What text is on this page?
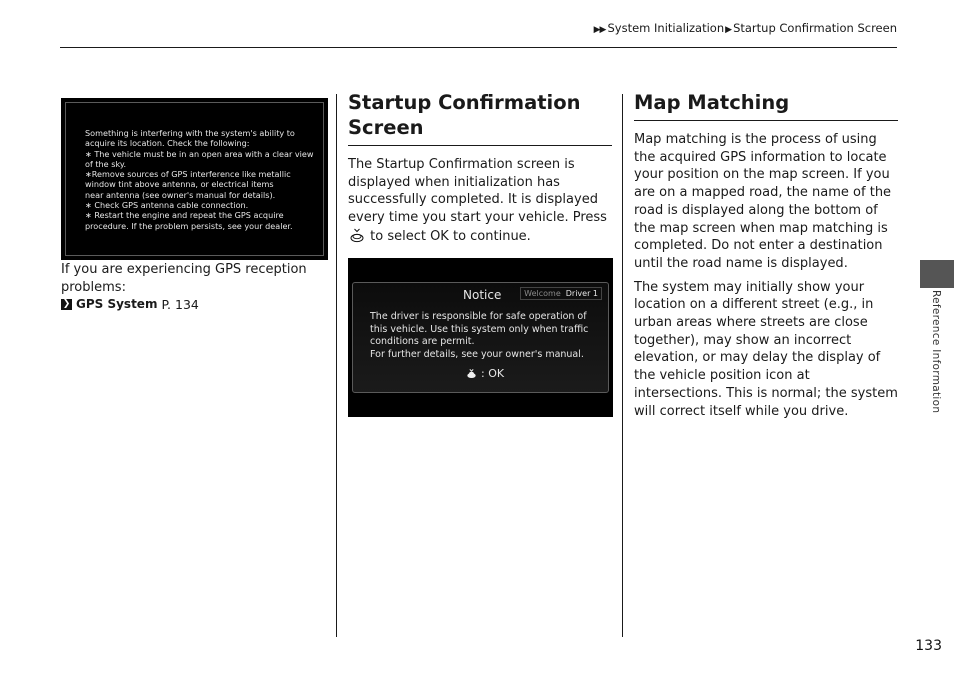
▶▶ System Initialization▶Startup Confirmation Screen
Something is interfering with the system's ability to
acquire its location. Check the following:
∗ The vehicle must be in an open area with a clear view
of the sky.
∗Remove sources of GPS interference like metallic
window tint above antenna, or electrical items
near antenna (see owner's manual for details).
∗ Check GPS antenna cable connection.
∗ Restart the engine and repeat the GPS acquire
procedure. If the problem persists, see your dealer.
If you are experiencing GPS reception problems:
❯ GPS System P. 134
Startup Confirmation Screen

The Startup Confirmation screen is displayed when initialization has successfully completed. It is displayed every time you start your vehicle. Press  to select OK to continue.

Notice	Welcome Driver 1
The driver is responsible for safe operation of
this vehicle. Use this system only when traffic
conditions are permit.
For further details, see your owner's manual.
: OK
Map Matching

Map matching is the process of using the acquired GPS information to locate your position on the map screen. If you are on a mapped road, the name of the road is displayed along the bottom of the map screen when map matching is completed. Do not enter a destination until the road name is displayed.

The system may initially show your location on a different street (e.g., in urban areas where streets are close together), may show an incorrect elevation, or may delay the display of the vehicle position icon at intersections. This is normal; the system will correct itself while you drive.	Reference Information
133
